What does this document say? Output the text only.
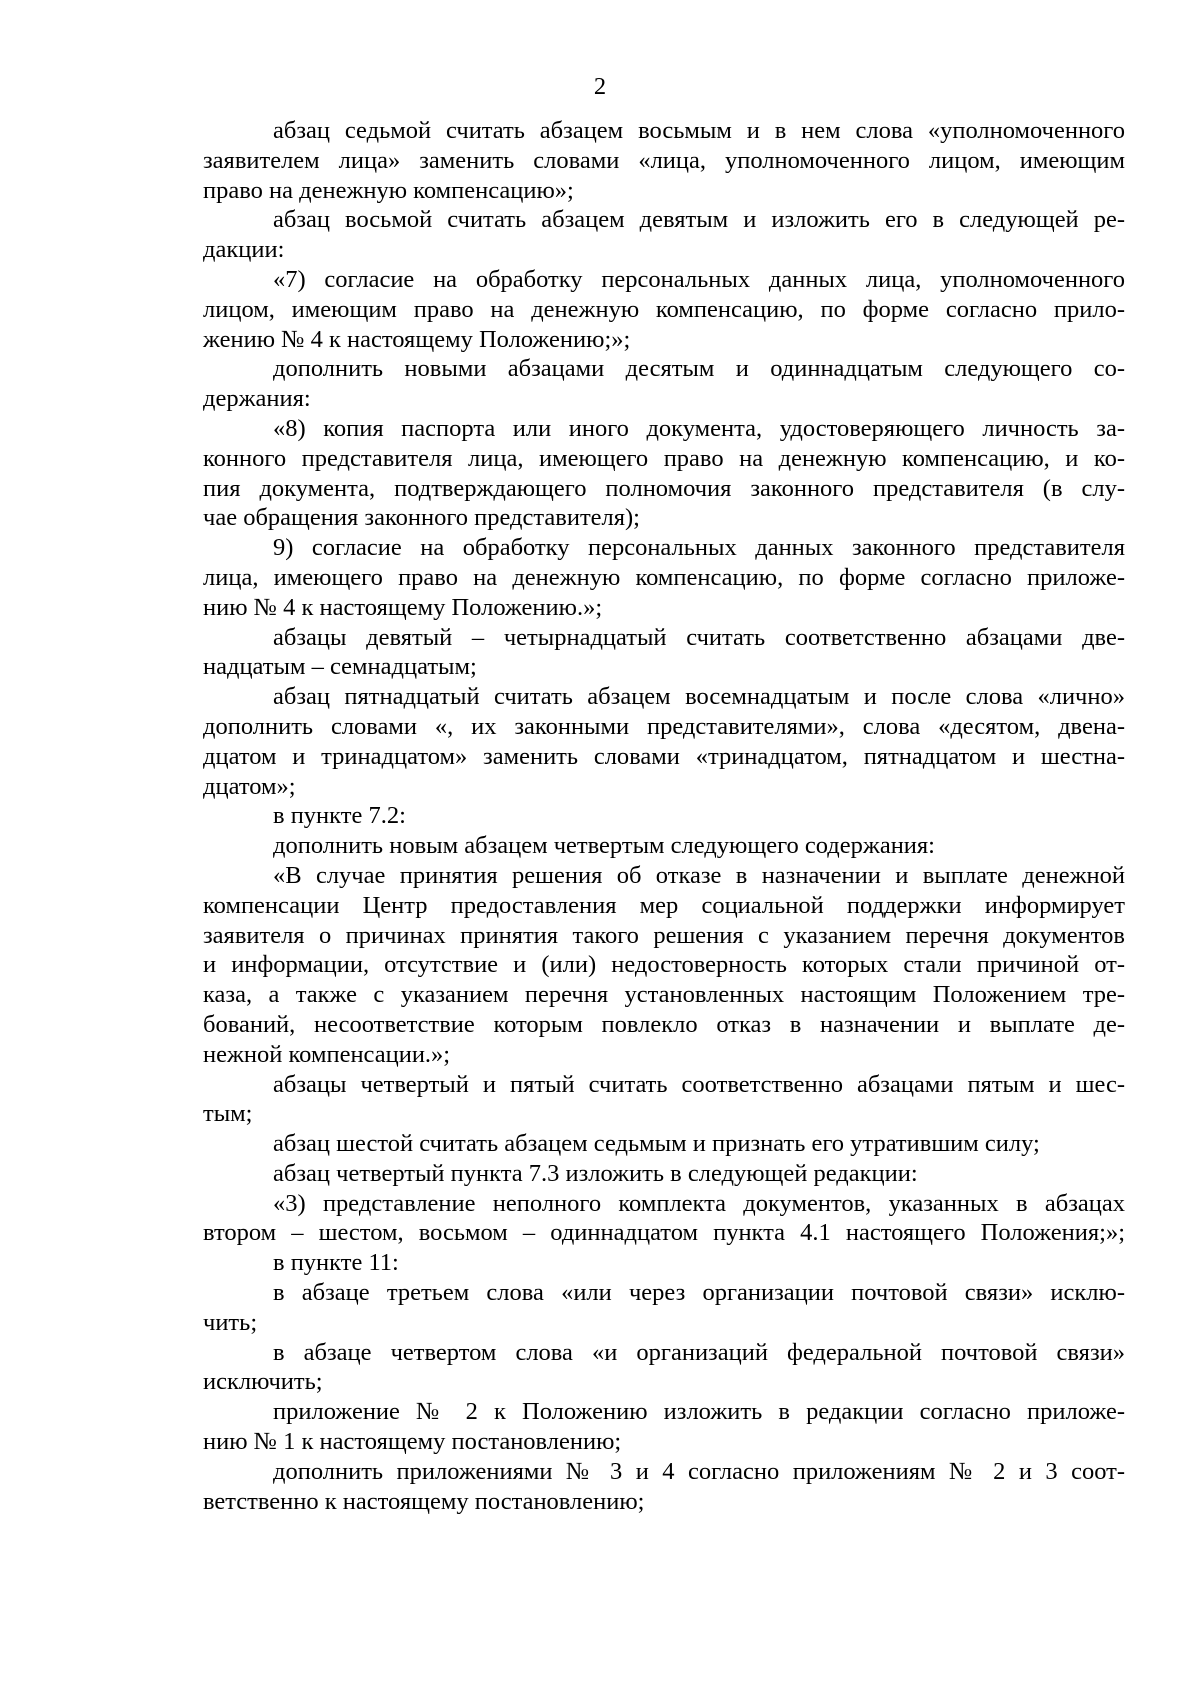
2
абзац седьмой считать абзацем восьмым и в нем слова «уполномоченного
заявителем лица» заменить словами «лица, уполномоченного лицом, имеющим
право на денежную компенсацию»;
абзац восьмой считать абзацем девятым и изложить его в следующей ре-
дакции:
«7) согласие на обработку персональных данных лица, уполномоченного
лицом, имеющим право на денежную компенсацию, по форме согласно прило-
жению № 4 к настоящему Положению;»;
дополнить новыми абзацами десятым и одиннадцатым следующего со-
держания:
«8) копия паспорта или иного документа, удостоверяющего личность за-
конного представителя лица, имеющего право на денежную компенсацию, и ко-
пия документа, подтверждающего полномочия законного представителя (в слу-
чае обращения законного представителя);
9) согласие на обработку персональных данных законного представителя
лица, имеющего право на денежную компенсацию, по форме согласно приложе-
нию № 4 к настоящему Положению.»;
абзацы девятый – четырнадцатый считать соответственно абзацами две-
надцатым – семнадцатым;
абзац пятнадцатый считать абзацем восемнадцатым и после слова «лично»
дополнить словами «, их законными представителями», слова «десятом, двена-
дцатом и тринадцатом» заменить словами «тринадцатом, пятнадцатом и шестна-
дцатом»;
в пункте 7.2:
дополнить новым абзацем четвертым следующего содержания:
«В случае принятия решения об отказе в назначении и выплате денежной
компенсации Центр предоставления мер социальной поддержки информирует
заявителя о причинах принятия такого решения с указанием перечня документов
и информации, отсутствие и (или) недостоверность которых стали причиной от-
каза, а также с указанием перечня установленных настоящим Положением тре-
бований, несоответствие которым повлекло отказ в назначении и выплате де-
нежной компенсации.»;
абзацы четвертый и пятый считать соответственно абзацами пятым и шес-
тым;
абзац шестой считать абзацем седьмым и признать его утратившим силу;
абзац четвертый пункта 7.3 изложить в следующей редакции:
«3) представление неполного комплекта документов, указанных в абзацах
втором – шестом, восьмом – одиннадцатом пункта 4.1 настоящего Положения;»;
в пункте 11:
в абзаце третьем слова «или через организации почтовой связи» исклю-
чить;
в абзаце четвертом слова «и организаций федеральной почтовой связи»
исключить;
приложение № 2 к Положению изложить в редакции согласно приложе-
нию № 1 к настоящему постановлению;
дополнить приложениями № 3 и 4 согласно приложениям № 2 и 3 соот-
ветственно к настоящему постановлению;
